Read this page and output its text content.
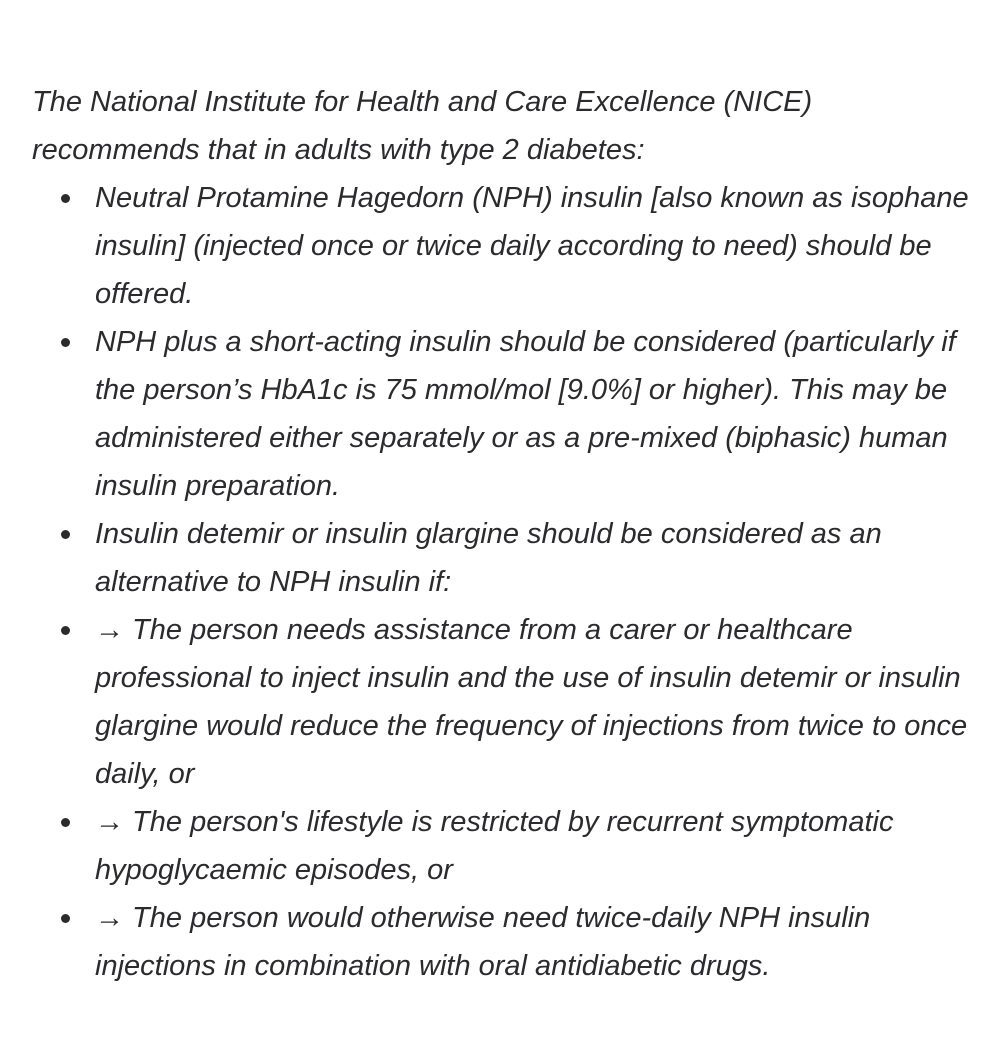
The National Institute for Health and Care Excellence (NICE) recommends that in adults with type 2 diabetes:

Neutral Protamine Hagedorn (NPH) insulin [also known as isophane insulin] (injected once or twice daily according to need) should be offered.
NPH plus a short-acting insulin should be considered (particularly if the person’s HbA1c is 75 mmol/mol [9.0%] or higher). This may be administered either separately or as a pre-mixed (biphasic) human insulin preparation.
Insulin detemir or insulin glargine should be considered as an alternative to NPH insulin if:
→ The person needs assistance from a carer or healthcare professional to inject insulin and the use of insulin detemir or insulin glargine would reduce the frequency of injections from twice to once daily, or
→ The person's lifestyle is restricted by recurrent symptomatic hypoglycaemic episodes, or
→ The person would otherwise need twice-daily NPH insulin injections in combination with oral antidiabetic drugs.
